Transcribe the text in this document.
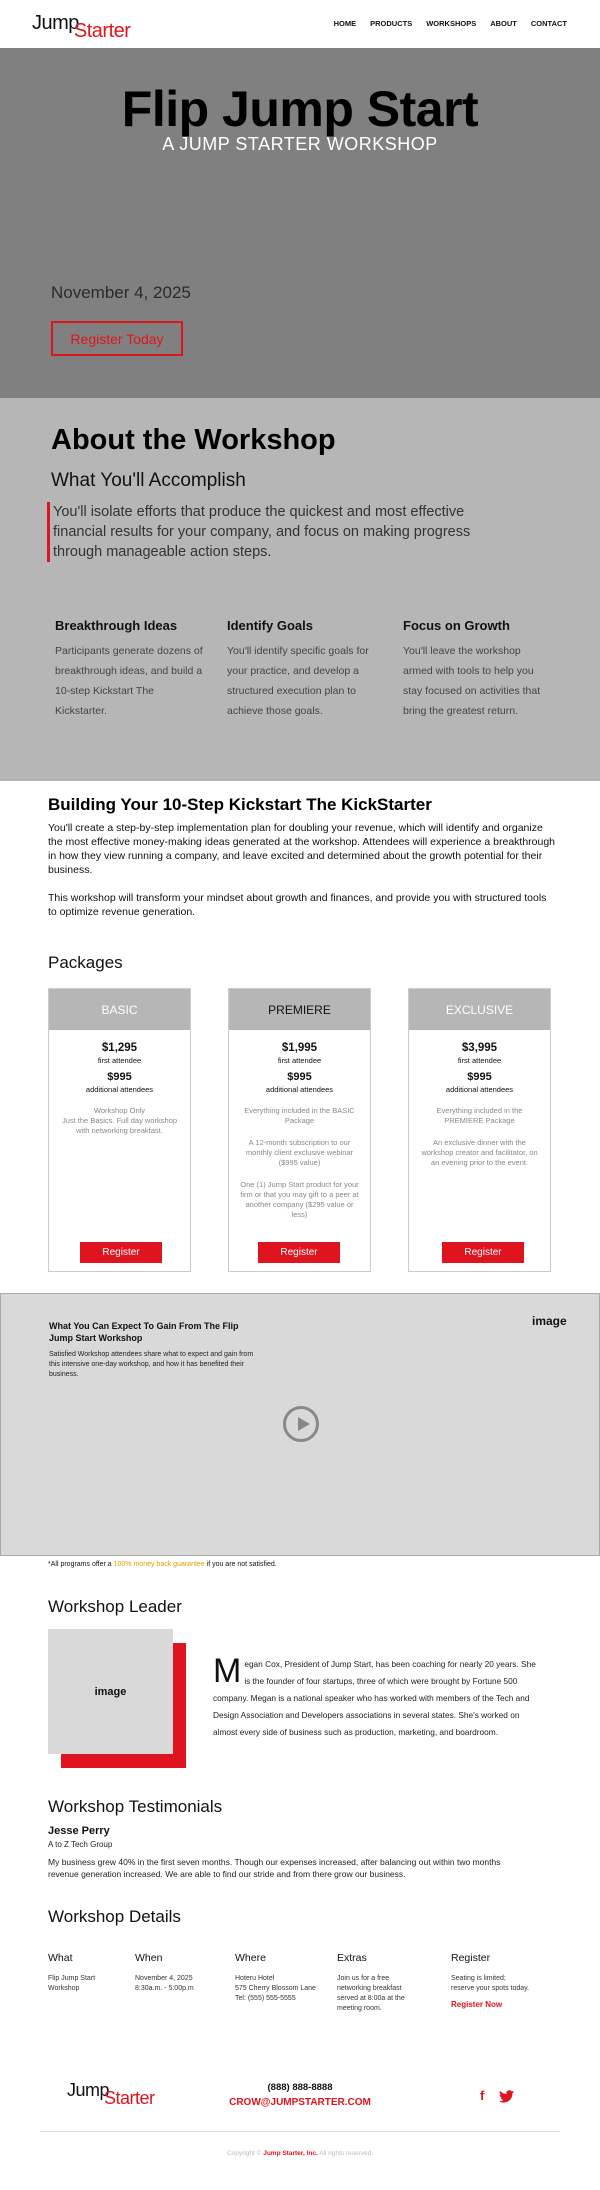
JumpStarter	HOME PRODUCTS WORKSHOPS ABOUT CONTACT
Flip Jump Start
A JUMP STARTER WORKSHOP
November 4, 2025
Register Today
About the Workshop
What You'll Accomplish
You'll isolate efforts that produce the quickest and most effective financial results for your company, and focus on making progress through manageable action steps.
Breakthrough Ideas

Participants generate dozens of breakthrough ideas, and build a 10-step Kickstart The Kickstarter.

Identify Goals

You'll identify specific goals for your practice, and develop a structured execution plan to achieve those goals.

Focus on Growth

You'll leave the workshop armed with tools to help you stay focused on activities that bring the greatest return.

Building Your 10-Step Kickstart The KickStarter
You'll create a step-by-step implementation plan for doubling your revenue, which will identify and organize the most effective money-making ideas generated at the workshop. Attendees will experience a breakthrough in how they view running a company, and leave excited and determined about the growth potential for their business.
This workshop will transform your mindset about growth and finances, and provide you with structured tools to optimize revenue generation.
Packages
BASIC
$1,295
first attendee
$995
additional attendees
Workshop Only
Just the Basics. Full day workshop with networking breakfast.
Register
PREMIERE
$1,995
first attendee
$995
additional attendees
Everything included in the BASIC Package
A 12-month subscription to our monthly client exclusive webinar ($995 value)
One (1) Jump Start product for your firm or that you may gift to a peer at another company ($295 value or less)
Register
EXCLUSIVE
$3,995
first attendee
$995
additional attendees
Everything included in the PREMIERE Package
An exclusive dinner with the workshop creator and facilitator, on an evening prior to the event.
Register
What You Can Expect To Gain From The Flip Jump Start Workshop
Satisfied Workshop attendees share what to expect and gain from this intensive one-day workshop, and how it has benefited their business.
image
*All programs offer a 100% money back guarantee if you are not satisfied.
Workshop Leader
image
Megan Cox, President of Jump Start, has been coaching for nearly 20 years. She is the founder of four startups, three of which were brought by Fortune 500 company. Megan is a national speaker who has worked with members of the Tech and Design Association and Developers associations in several states. She's worked on almost every side of business such as production, marketing, and boardroom.
Workshop Testimonials
Jesse Perry
A to Z Tech Group
My business grew 40% in the first seven months. Though our expenses increased, after balancing out within two months revenue generation increased. We are able to find our stride and from there grow our business.
Workshop Details
What

Flip Jump Start

Workshop

When

November 4, 2025

8:30a.m. - 5:00p.m

Where

Hoteru Hotel

575 Cherry Blossom Lane

Tel: (555) 555-5555

Extras

Join us for a free

networking breakfast

served at 8:00a at the

meeting room.

Register

Seating is limited;

reserve your spots today.

Register Now
JumpStarter
(888) 888-8888
CROW@JUMPSTARTER.COM	f
Copyright © Jump Starter, Inc. All rights reserved.
